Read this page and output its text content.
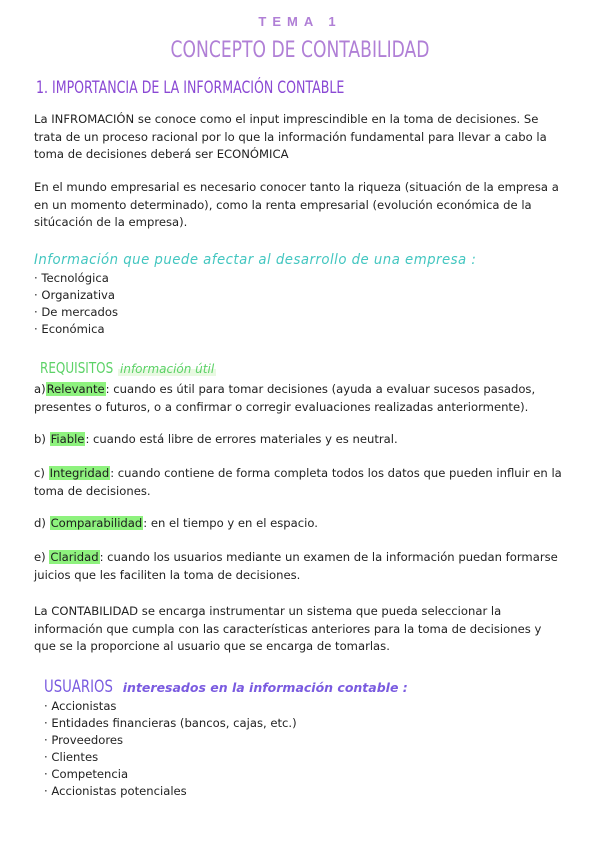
TEMA 1
CONCEPTO DE CONTABILIDAD
1. IMPORTANCIA DE LA INFORMACIÓN CONTABLE
La INFROMACIÓN se conoce como el input imprescindible en la toma de decisiones. Se trata de un proceso racional por lo que la información fundamental para llevar a cabo la toma de decisiones deberá ser ECONÓMICA
En el mundo empresarial es necesario conocer tanto la riqueza (situación de la empresa a en un momento determinado), como la renta empresarial (evolución económica de la sitúcación de la empresa).
Información que puede afectar al desarrollo de una empresa :
· Tecnológica
· Organizativa
· De mercados
· Económica
REQUISITOS información útil
a)Relevante: cuando es útil para tomar decisiones (ayuda a evaluar sucesos pasados, presentes o futuros, o a confirmar o corregir evaluaciones realizadas anteriormente).
b) Fiable: cuando está libre de errores materiales y es neutral.
c) Integridad: cuando contiene de forma completa todos los datos que pueden influir en la toma de decisiones.
d) Comparabilidad: en el tiempo y en el espacio.
e) Claridad: cuando los usuarios mediante un examen de la información puedan formarse juicios que les faciliten la toma de decisiones.
La CONTABILIDAD se encarga instrumentar un sistema que pueda seleccionar la información que cumpla con las características anteriores para la toma de decisiones y que se la proporcione al usuario que se encarga de tomarlas.
USUARIOS interesados en la información contable :
· Accionistas
· Entidades financieras (bancos, cajas, etc.)
· Proveedores
· Clientes
· Competencia
· Accionistas potenciales
